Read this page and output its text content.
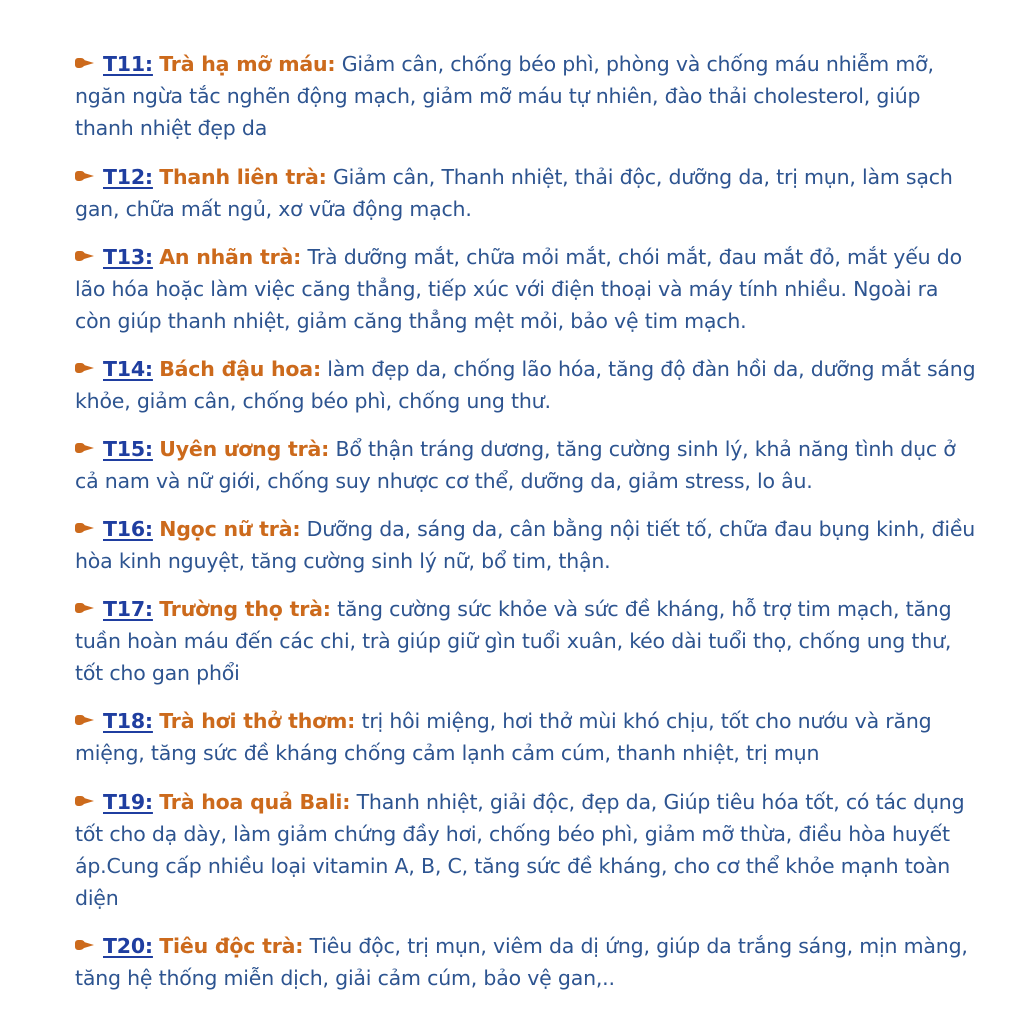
T11: Trà hạ mỡ máu: Giảm cân, chống béo phì, phòng và chống máu nhiễm mỡ, ngăn ngừa tắc nghẽn động mạch, giảm mỡ máu tự nhiên, đào thải cholesterol, giúp thanh nhiệt đẹp da
T12: Thanh liên trà: Giảm cân, Thanh nhiệt, thải độc, dưỡng da, trị mụn, làm sạch gan, chữa mất ngủ, xơ vữa động mạch.
T13: An nhãn trà: Trà dưỡng mắt, chữa mỏi mắt, chói mắt, đau mắt đỏ, mắt yếu do lão hóa hoặc làm việc căng thẳng, tiếp xúc với điện thoại và máy tính nhiều. Ngoài ra còn giúp thanh nhiệt, giảm căng thẳng mệt mỏi, bảo vệ tim mạch.
T14: Bách đậu hoa: làm đẹp da, chống lão hóa, tăng độ đàn hồi da, dưỡng mắt sáng khỏe, giảm cân, chống béo phì, chống ung thư.
T15: Uyên ương trà: Bổ thận tráng dương, tăng cường sinh lý, khả năng tình dục ở cả nam và nữ giới, chống suy nhược cơ thể, dưỡng da, giảm stress, lo âu.
T16: Ngọc nữ trà: Dưỡng da, sáng da, cân bằng nội tiết tố, chữa đau bụng kinh, điều hòa kinh nguyệt, tăng cường sinh lý nữ, bổ tim, thận.
T17: Trường thọ trà: tăng cường sức khỏe và sức đề kháng, hỗ trợ tim mạch, tăng tuần hoàn máu đến các chi, trà giúp giữ gìn tuổi xuân, kéo dài tuổi thọ, chống ung thư, tốt cho gan phổi
T18: Trà hơi thở thơm: trị hôi miệng, hơi thở mùi khó chịu, tốt cho nướu và răng miệng, tăng sức đề kháng chống cảm lạnh cảm cúm, thanh nhiệt, trị mụn
T19: Trà hoa quả Bali: Thanh nhiệt, giải độc, đẹp da, Giúp tiêu hóa tốt, có tác dụng tốt cho dạ dày, làm giảm chứng đầy hơi, chống béo phì, giảm mỡ thừa, điều hòa huyết áp.Cung cấp nhiều loại vitamin A, B, C, tăng sức đề kháng, cho cơ thể khỏe mạnh toàn diện
T20: Tiêu độc trà: Tiêu độc, trị mụn, viêm da dị ứng, giúp da trắng sáng, mịn màng, tăng hệ thống miễn dịch, giải cảm cúm, bảo vệ gan,..
